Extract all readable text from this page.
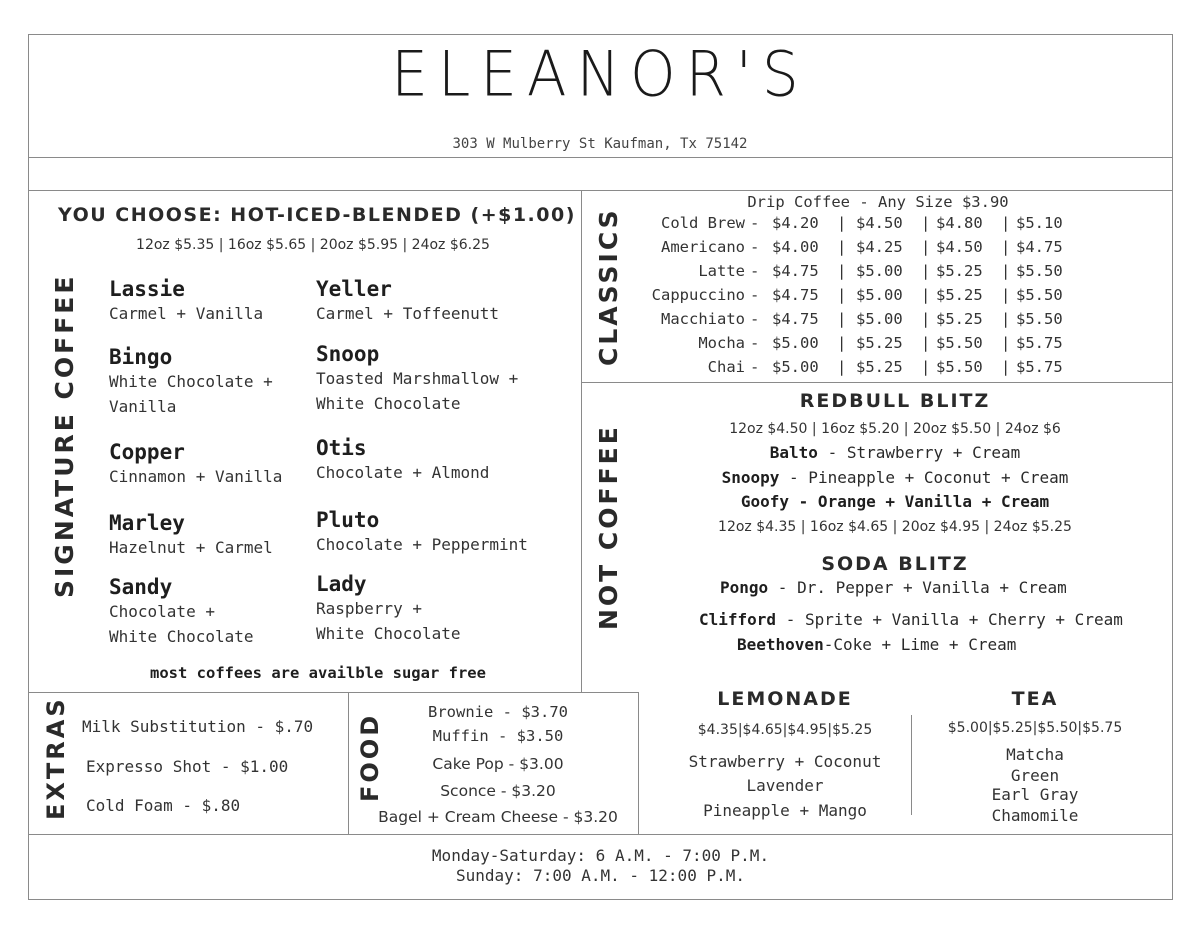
ELEANOR'S
303 W Mulberry St Kaufman, Tx 75142
SIGNATURE COFFEE
YOU CHOOSE: HOT-ICED-BLENDED (+$1.00)
12oz $5.35 | 16oz $5.65 | 20oz $5.95 | 24oz $6.25
Lassie
Carmel + Vanilla
Yeller
Carmel + Toffeenutt
Bingo
White Chocolate +
Vanilla
Snoop
Toasted Marshmallow +
White Chocolate
Copper
Cinnamon + Vanilla
Otis
Chocolate + Almond
Marley
Hazelnut + Carmel
Pluto
Chocolate + Peppermint
Sandy
Chocolate +
White Chocolate
Lady
Raspberry +
White Chocolate
most coffees are availble sugar free
CLASSICS
Drip Coffee - Any Size $3.90
Cold Brew - $4.20 | $4.50 | $4.80 | $5.10
Americano - $4.00 | $4.25 | $4.50 | $4.75
Latte - $4.75 | $5.00 | $5.25 | $5.50
Cappuccino - $4.75 | $5.00 | $5.25 | $5.50
Macchiato - $4.75 | $5.00 | $5.25 | $5.50
Mocha - $5.00 | $5.25 | $5.50 | $5.75
Chai - $5.00 | $5.25 | $5.50 | $5.75
NOT COFFEE
REDBULL BLITZ
12oz $4.50 | 16oz $5.20 | 20oz $5.50 | 24oz $6
Balto - Strawberry + Cream
Snoopy - Pineapple + Coconut + Cream
Goofy - Orange + Vanilla + Cream
12oz $4.35 | 16oz $4.65 | 20oz $4.95 | 24oz $5.25
SODA BLITZ
Pongo - Dr. Pepper + Vanilla + Cream
Clifford - Sprite + Vanilla + Cherry + Cream
Beethoven-Coke + Lime + Cream
LEMONADE
$4.35|$4.65|$4.95|$5.25
Strawberry + Coconut
Lavender
Pineapple + Mango
TEA
$5.00|$5.25|$5.50|$5.75
Matcha
Green
Earl Gray
Chamomile
EXTRAS Milk Substitution - $.70
Expresso Shot - $1.00
Cold Foam - $.80
FOOD
Brownie - $3.70
Muffin - $3.50
Cake Pop - $3.00
Sconce - $3.20
Bagel + Cream Cheese - $3.20
Monday-Saturday: 6 A.M. - 7:00 P.M.
Sunday: 7:00 A.M. - 12:00 P.M.
